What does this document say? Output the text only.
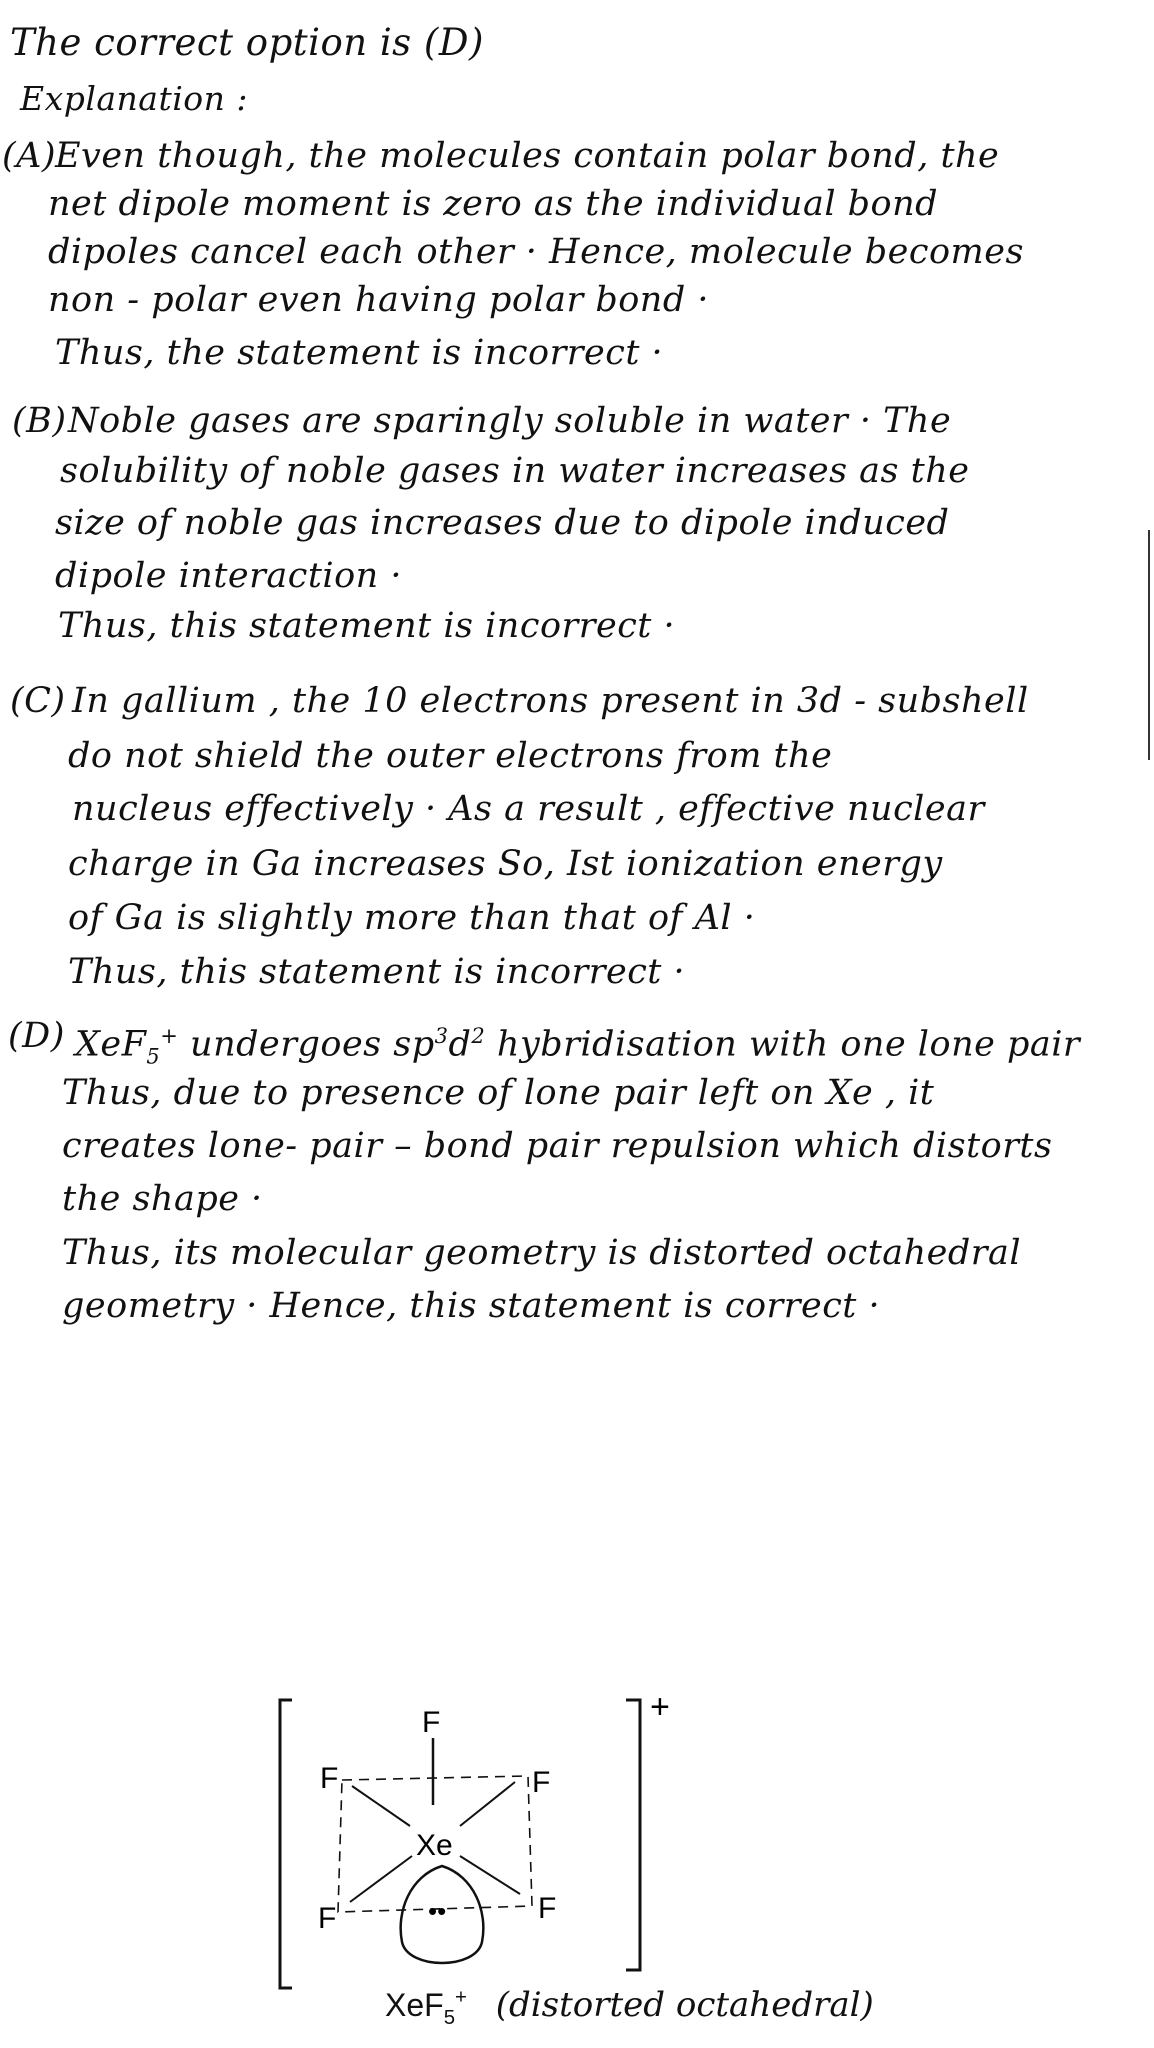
The correct option is (D)
Explanation :
(A)
Even though, the molecules contain polar bond, the
net dipole moment is zero as the individual bond
dipoles cancel each other · Hence, molecule becomes
non - polar even having polar bond ·
Thus, the statement is incorrect ·
(B) Noble gases are sparingly soluble in water · The
solubility of noble gases in water increases as the
size of noble gas increases due to dipole induced
dipole interaction ·
Thus, this statement is incorrect ·
(C) In gallium , the 10 electrons present in 3d - subshell
do not shield the outer electrons from the
nucleus effectively · As a result , effective nuclear
charge in Ga increases So, Ist ionization energy
of Ga is slightly more than that of Al ·
Thus, this statement is incorrect ·
(D) XeF$_5$+ undergoes $sp^3d^2$ hybridisation with one lone pair
Thus, due to presence of lone pair left on Xe , it
creates lone- pair – bond pair repulsion which distorts
the shape ·
Thus, its molecular geometry is distorted octahedral
geometry · Hence, this statement is correct ·
+
F
F	F
F	F
Xe
••
XeF$_5$+ (distorted octahedral)
